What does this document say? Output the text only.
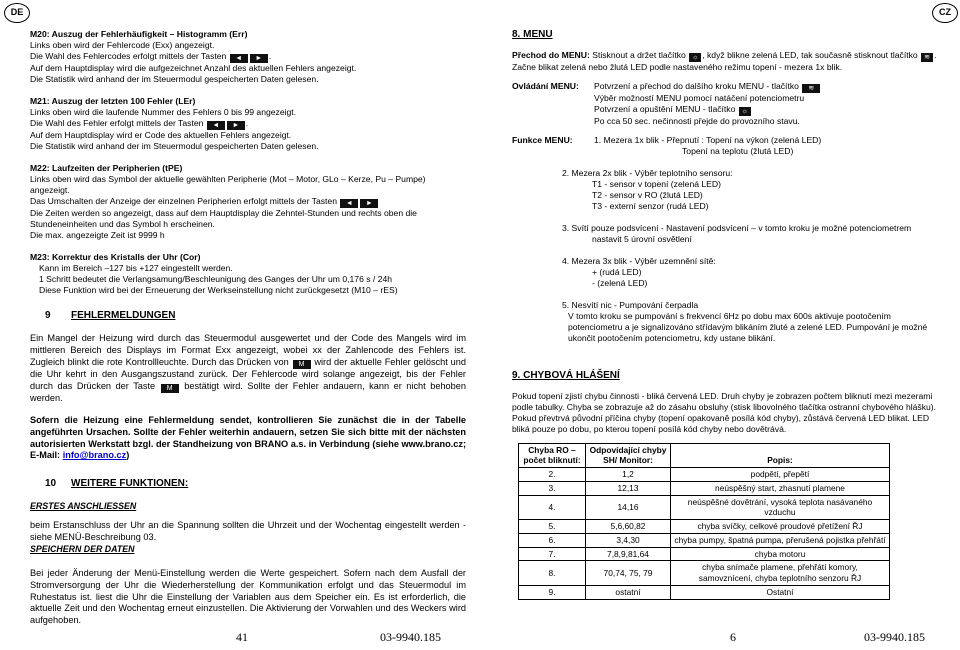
DE
M20: Auszug der Fehlerhäufigkeit – Histogramm (Err)
Links oben wird der Fehlercode (Exx) angezeigt.
Die Wahl des Fehlercodes erfolgt mittels der Tasten ◄ ► .
Auf dem Hauptdisplay wird die aufgezeichnet Anzahl des aktuellen Fehlers angezeigt.
Die Statistik wird anhand der im Steuermodul gespeicherten Daten gelesen.
M21: Auszug der letzten 100 Fehler (LEr)
Links oben wird die laufende Nummer des Fehlers 0 bis 99 angezeigt.
Die Wahl des Fehler erfolgt mittels der Tasten ◄ ► .
Auf dem Hauptdisplay wird er Code des aktuellen Fehlers angezeigt.
Die Statistik wird anhand der im Steuermodul gespeicherten Daten gelesen.
M22: Laufzeiten der Peripherien (tPE)
Links oben wird das Symbol der aktuelle gewählten Peripherie (Mot – Motor, GLo – Kerze, Pu – Pumpe) angezeigt.
Das Umschalten der Anzeige der einzelnen Peripherien erfolgt mittels der Tasten ◄ ►
Die Zeiten werden so angezeigt, dass auf dem Hauptdisplay die Zehntel-Stunden und rechts oben die Stundeneinheiten und das Symbol h erscheinen.
Die max. angezeigte Zeit ist 9999 h
M23: Korrektur des Kristalls der Uhr (Cor)
Kann im Bereich –127 bis +127 eingestellt werden.
1 Schritt bedeutet die Verlangsamung/Beschleunigung des Ganges der Uhr um 0,176 s / 24h
Diese Funktion wird bei der Erneuerung der Werkseinstellung nicht zurückgesetzt (M10 – rES)
9 FEHLERMELDUNGEN
Ein Mangel der Heizung wird durch das Steuermodul ausgewertet und der Code des Mangels wird im mittleren Bereich des Displays im Format Exx angezeigt, wobei xx der Zahlencode des Fehlers ist. Zugleich blinkt die rote Kontrollleuchte. Durch das Drücken von M wird der aktuelle Fehler gelöscht und die Uhr kehrt in den Ausgangszustand zurück. Der Fehlercode wird solange angezeigt, bis der Fehler durch das Drücken der Taste M bestätigt wird. Sollte der Fehler andauern, kann er nicht behoben werden.
Sofern die Heizung eine Fehlermeldung sendet, kontrollieren Sie zunächst die in der Tabelle angeführten Ursachen. Sollte der Fehler weiterhin andauern, setzen Sie sich bitte mit der nächsten autorisierten Werkstatt bzgl. der Standheizung von BRANO a.s. in Verbindung (siehe www.brano.cz; E-Mail: info@brano.cz)
10 WEITERE FUNKTIONEN:
ERSTES ANSCHLIESSEN
beim Erstanschluss der Uhr an die Spannung sollten die Uhrzeit und der Wochentag eingestellt werden - siehe MENÜ-Beschreibung 03.
SPEICHERN DER DATEN
Bei jeder Änderung der Menü-Einstellung werden die Werte gespeichert. Sofern nach dem Ausfall der Stromversorgung der Uhr die Wiederherstellung der Kommunikation erfolgt und das Steuermodul im Ruhestatus ist. liest die Uhr die Einstellung der Variablen aus dem Speicher ein. Es ist erforderlich, die aktuelle Zeit und den Wochentag erneut einzustellen. Die Aktivierung der Vorwahlen und des Weckers wird aufgehoben.
41	03-9940.185
CZ
8. MENU
Přechod do MENU: Stisknout a držet tlačítko ☼ , když blikne zelená LED, tak současně stisknout tlačítko ≋ . Začne blikat zelená nebo žlutá LED podle nastaveného režimu topení - mezera 1x blik.
Ovládání MENU:	Potvrzení a přechod do dalšího kroku MENU - tlačítko ≋
Výběr možností MENU pomocí natáčení potenciometru
Potvrzení a opuštění MENU - tlačítko ☼
Po cca 50 sec. nečinnosti přejde do provozního stavu.
Funkce MENU:	1. Mezera 1x blik - Přepnutí : Topení na výkon (zelená LED)
Topení na teplotu (žlutá LED)
2. Mezera 2x blik - Výběr teplotního sensoru:
T1 - sensor v topení (zelená LED)
T2 - sensor v RO (žlutá LED)
T3 - externí senzor (rudá LED)
3. Svítí pouze podsvícení - Nastavení podsvícení – v tomto kroku je možné potenciometrem
nastavit 5 úrovní osvětlení
4. Mezera 3x blik - Výběr uzemnění sítě:
+ (rudá LED)
- (zelená LED)
5. Nesvítí nic - Pumpování čerpadla
V tomto kroku se pumpování s frekvencí 6Hz po dobu max 600s aktivuje pootočením potenciometru a je signalizováno střídavým blikáním žluté a zelené LED. Pumpování je možné ukončit pootočením potenciometru, kdy ustane blikání.
9. CHYBOVÁ HLÁŠENÍ
Pokud topení zjistí chybu činnosti - bliká červená LED. Druh chyby je zobrazen počtem bliknutí mezi mezerami podle tabulky. Chyba se zobrazuje až do zásahu obsluhy (stisk libovolného tlačítka ostranní chybového hlášku). Pokud převtrvá původní příčina chyby (topení opakovaně posílá kód chyby), zůstává červená LED blikat. LED bliká pouze po dobu, po kterou topení posílá kód chyby nebo dovětrává.
Chyba RO – počet bliknutí:	Odpovídající chyby SH/ Monitor:	Popis:
2.	1,2	podpětí, přepětí
3.	12,13	neúspěšný start, zhasnutí plamene
4.	14,16	neúspěšné dovětrání, vysoká teplota nasávaného vzduchu
5.	5,6,60,82	chyba svíčky, celkové proudové přetížení ŘJ
6.	3,4,30	chyba pumpy, špatná pumpa, přerušená pojistka přehřátí
7.	7,8,9,81,64	chyba motoru
8.	70,74, 75, 79	chyba snímače plamene, přehřátí komory, samovznícení, chyba teplotního senzoru ŘJ
9.	ostatní	Ostatní
6	03-9940.185
